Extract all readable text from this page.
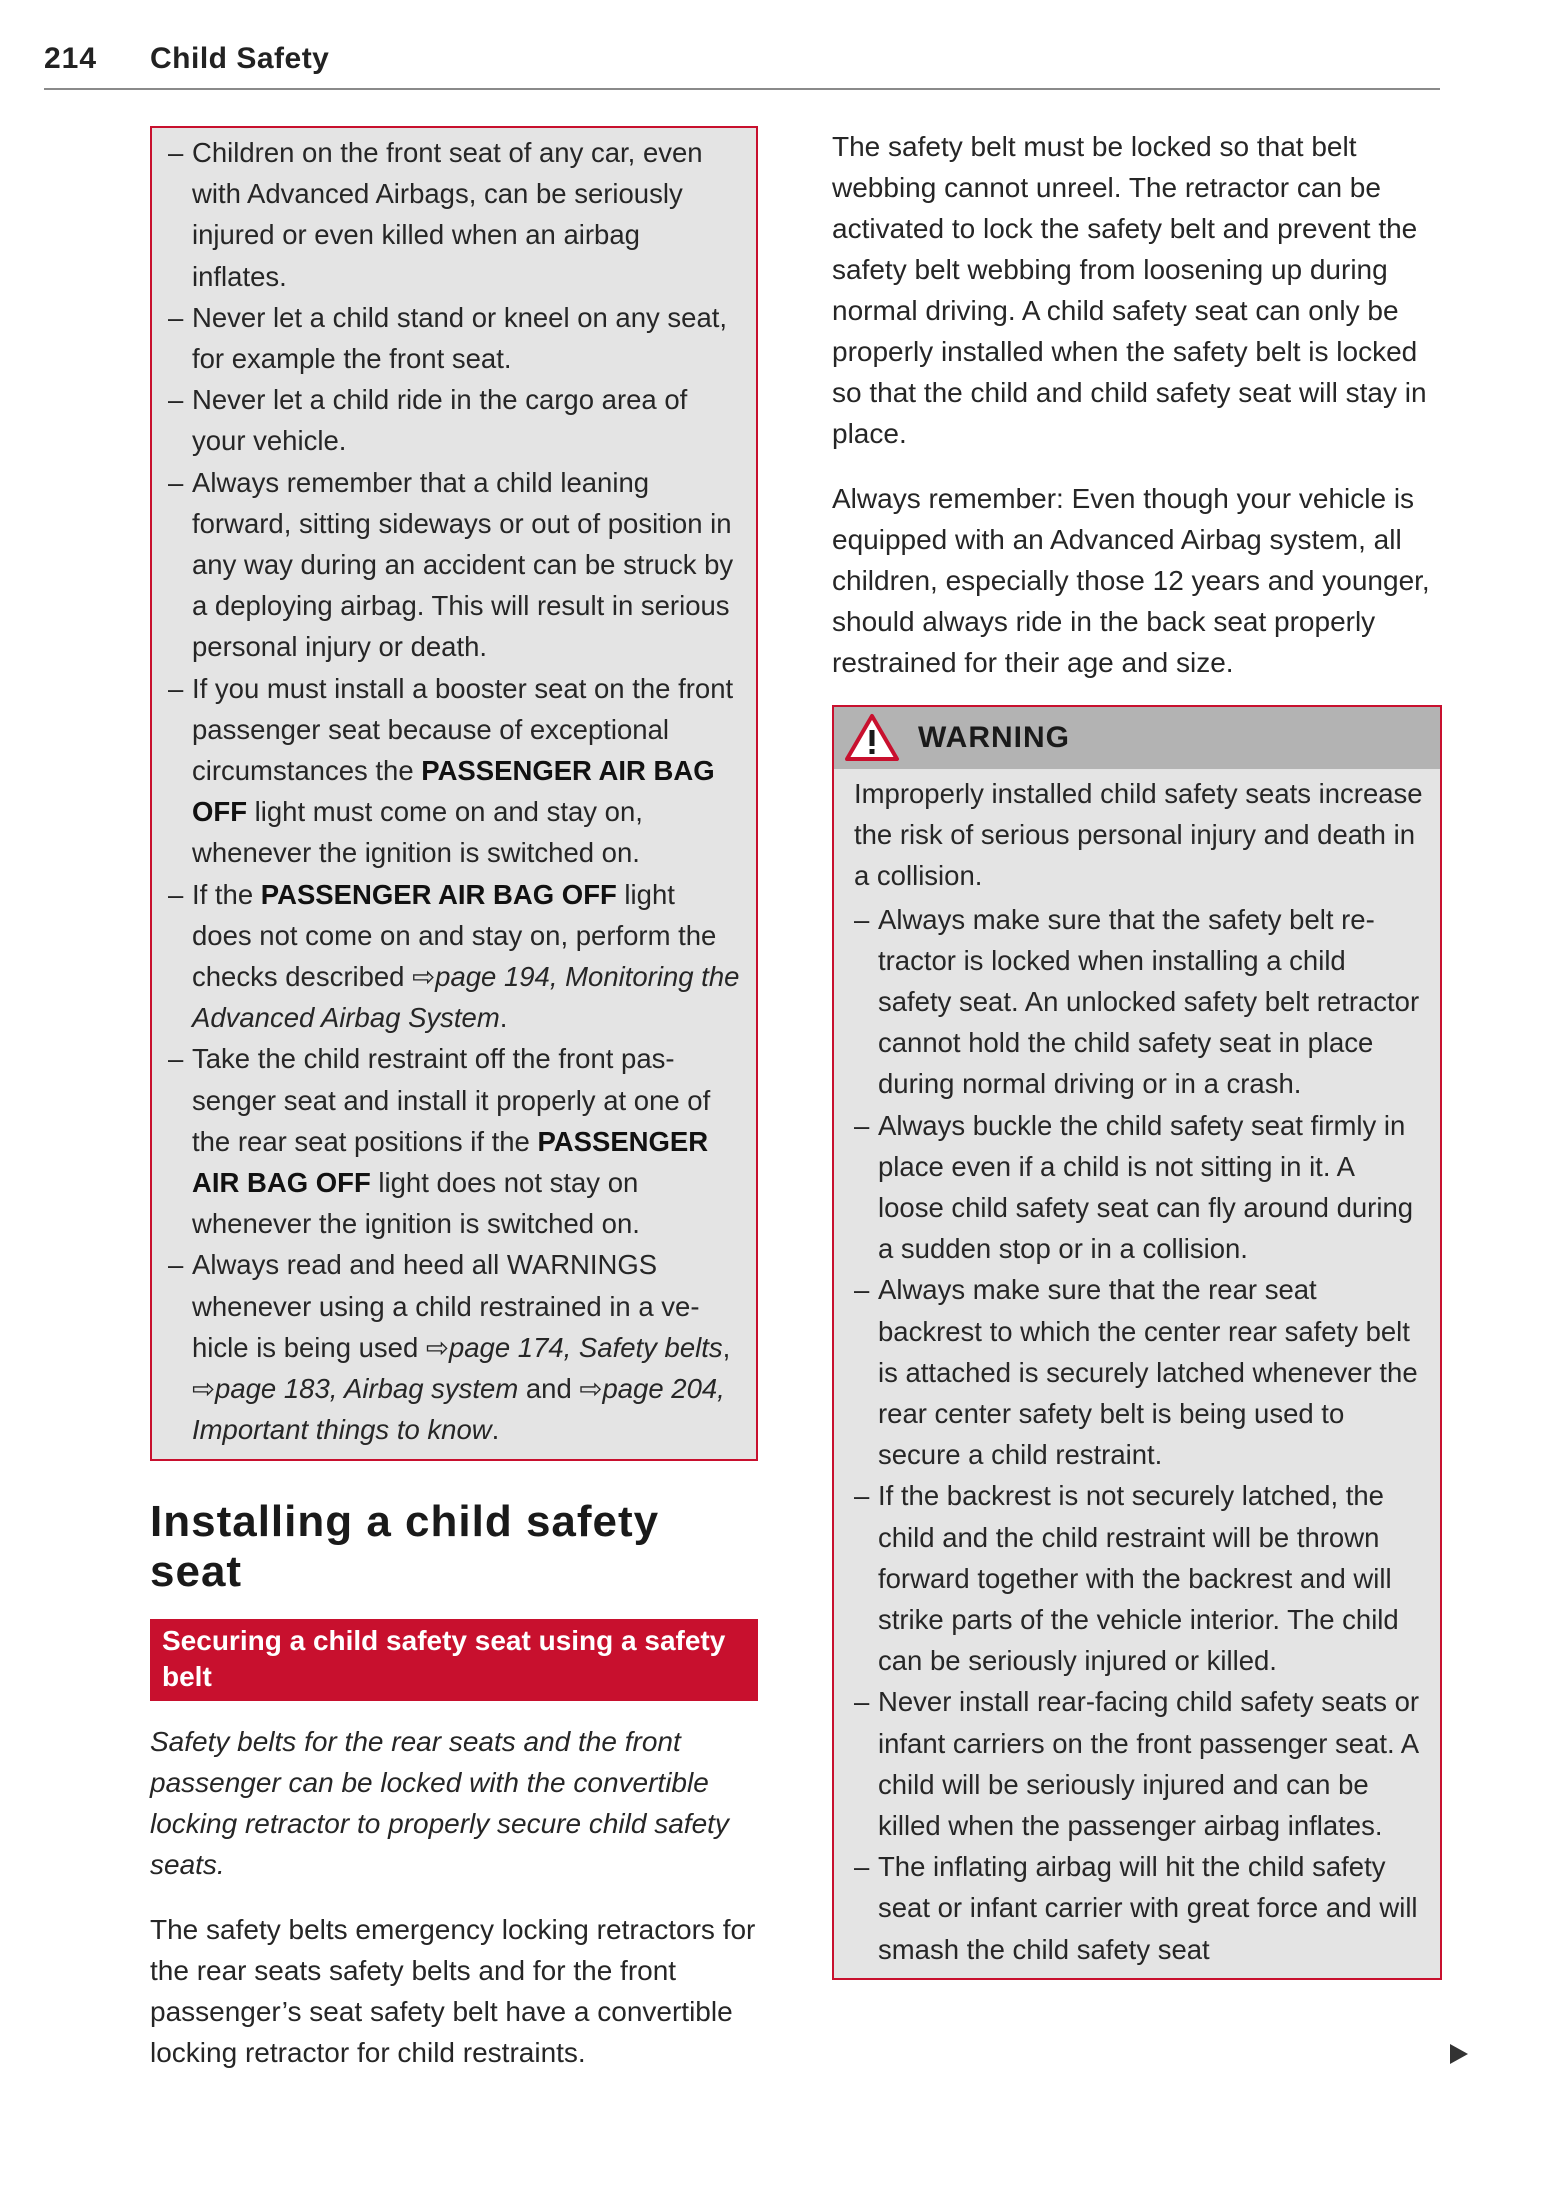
214 Child Safety
– Children on the front seat of any car, even with Advanced Airbags, can be seriously injured or even killed when an airbag inflates.
– Never let a child stand or kneel on any seat, for example the front seat.
– Never let a child ride in the cargo area of your vehicle.
– Always remember that a child leaning forward, sitting sideways or out of position in any way during an accident can be struck by a deploying airbag. This will result in serious personal injury or death.
– If you must install a booster seat on the front passenger seat because of exceptional circumstances the PASSENGER AIR BAG OFF light must come on and stay on, whenever the ignition is switched on.
– If the PASSENGER AIR BAG OFF light does not come on and stay on, perform the checks described ⇨page 194, Monitoring the Advanced Airbag System.
– Take the child restraint off the front passenger seat and install it properly at one of the rear seat positions if the PASSENGER AIR BAG OFF light does not stay on whenever the ignition is switched on.
– Always read and heed all WARNINGS whenever using a child restrained in a vehicle is being used ⇨page 174, Safety belts, ⇨page 183, Airbag system and ⇨page 204, Important things to know.
Installing a child safety seat
Securing a child safety seat using a safety belt

Safety belts for the rear seats and the front passenger can be locked with the convertible locking retractor to properly secure child safety seats.

The safety belts emergency locking retractors for the rear seats safety belts and for the front passenger’s seat safety belt have a convertible locking retractor for child restraints.

The safety belt must be locked so that belt webbing cannot unreel. The retractor can be activated to lock the safety belt and prevent the safety belt webbing from loosening up during normal driving. A child safety seat can only be properly installed when the safety belt is locked so that the child and child safety seat will stay in place.

Always remember: Even though your vehicle is equipped with an Advanced Airbag system, all children, especially those 12 years and younger, should always ride in the back seat properly restrained for their age and size.

WARNING

Improperly installed child safety seats increase the risk of serious personal injury and death in a collision.

– Always make sure that the safety belt retractor is locked when installing a child safety seat. An unlocked safety belt retractor cannot hold the child safety seat in place during normal driving or in a crash.
– Always buckle the child safety seat firmly in place even if a child is not sitting in it. A loose child safety seat can fly around during a sudden stop or in a collision.
– Always make sure that the rear seat backrest to which the center rear safety belt is attached is securely latched whenever the rear center safety belt is being used to secure a child restraint.
– If the backrest is not securely latched, the child and the child restraint will be thrown forward together with the backrest and will strike parts of the vehicle interior. The child can be seriously injured or killed.
– Never install rear-facing child safety seats or infant carriers on the front passenger seat. A child will be seriously injured and can be killed when the passenger airbag inflates.
– The inflating airbag will hit the child safety seat or infant carrier with great force and will smash the child safety seat
